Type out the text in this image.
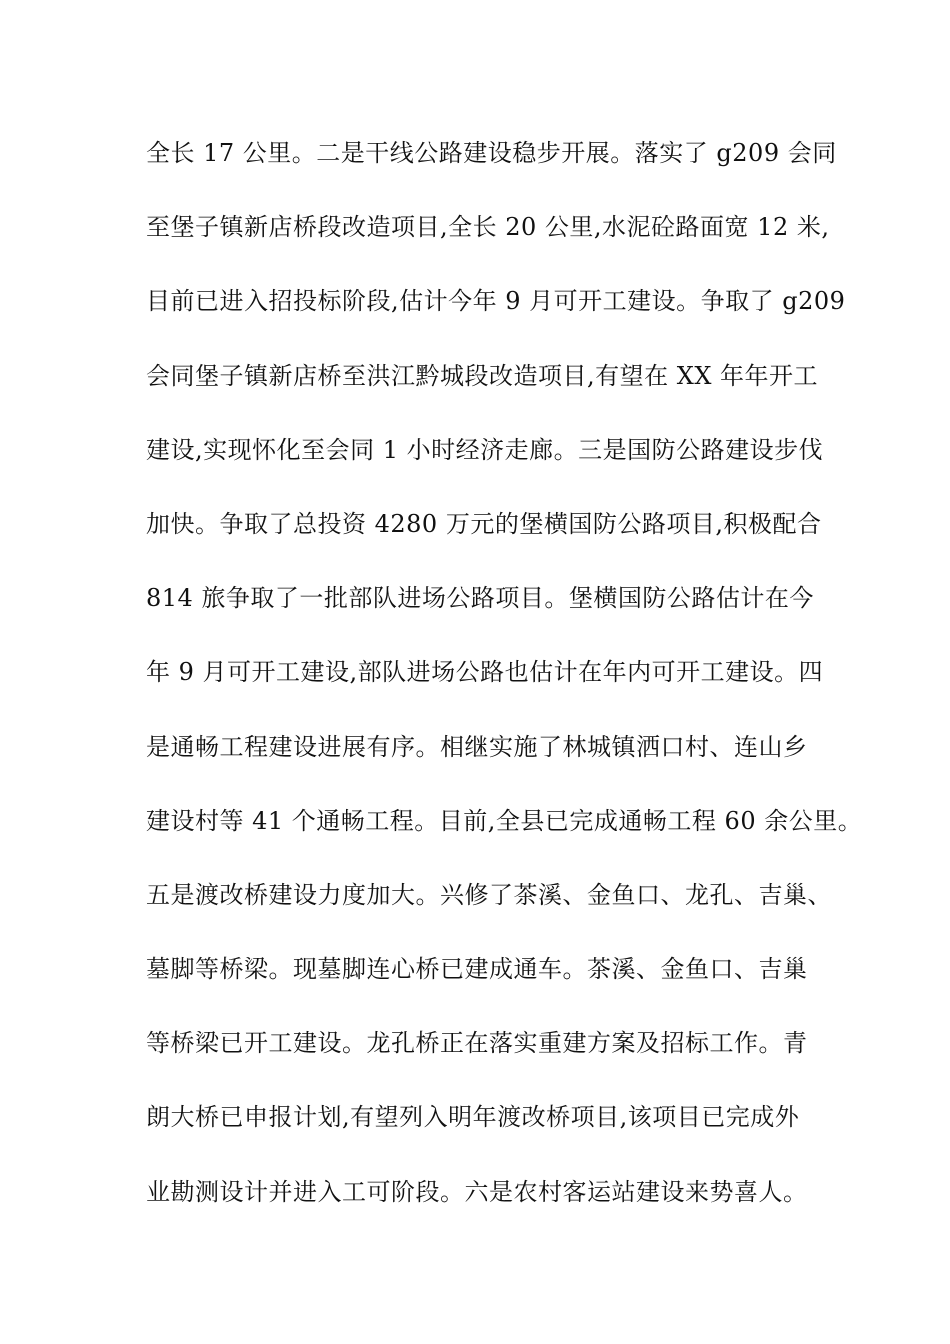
全长 17 公里。二是干线公路建设稳步开展。落实了 g209 会同
至堡子镇新店桥段改造项目,全长 20 公里,水泥砼路面宽 12 米,
目前已进入招投标阶段,估计今年 9 月可开工建设。争取了 g209
会同堡子镇新店桥至洪江黔城段改造项目,有望在 XX 年年开工
建设,实现怀化至会同 1 小时经济走廊。三是国防公路建设步伐
加快。争取了总投资 4280 万元的堡横国防公路项目,积极配合
814 旅争取了一批部队进场公路项目。堡横国防公路估计在今
年 9 月可开工建设,部队进场公路也估计在年内可开工建设。四
是通畅工程建设进展有序。相继实施了林城镇洒口村、连山乡
建设村等 41 个通畅工程。目前,全县已完成通畅工程 60 余公里。
五是渡改桥建设力度加大。兴修了茶溪、金鱼口、龙孔、吉巢、
墓脚等桥梁。现墓脚连心桥已建成通车。茶溪、金鱼口、吉巢
等桥梁已开工建设。龙孔桥正在落实重建方案及招标工作。青
朗大桥已申报计划,有望列入明年渡改桥项目,该项目已完成外
业勘测设计并进入工可阶段。六是农村客运站建设来势喜人。
